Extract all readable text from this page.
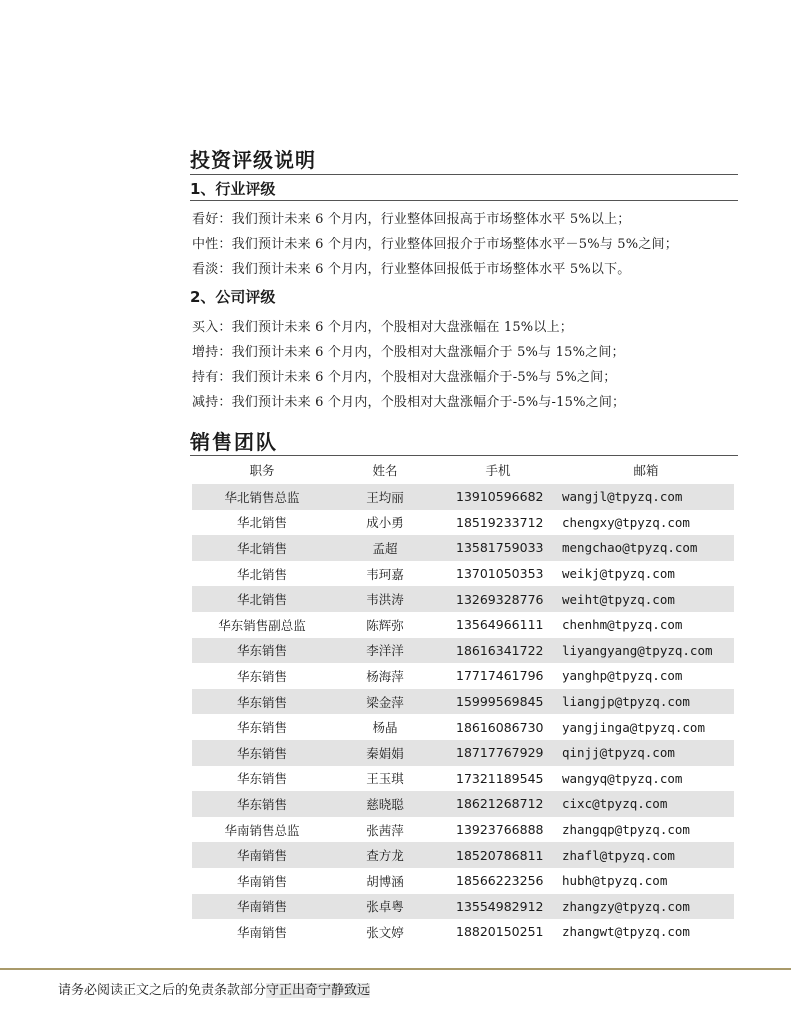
投资评级说明
1、行业评级
看好：我们预计未来 6 个月内，行业整体回报高于市场整体水平 5%以上；
中性：我们预计未来 6 个月内，行业整体回报介于市场整体水平－5%与 5%之间；
看淡：我们预计未来 6 个月内，行业整体回报低于市场整体水平 5%以下。
2、公司评级
买入：我们预计未来 6 个月内，个股相对大盘涨幅在 15%以上；
增持：我们预计未来 6 个月内，个股相对大盘涨幅介于 5%与 15%之间；
持有：我们预计未来 6 个月内，个股相对大盘涨幅介于-5%与 5%之间；
减持：我们预计未来 6 个月内，个股相对大盘涨幅介于-5%与-15%之间；
销售团队
职务	姓名	手机	邮箱
华北销售总监	王均丽	13910596682	wangjl@tpyzq.com
华北销售	成小勇	18519233712	chengxy@tpyzq.com
华北销售	孟超	13581759033	mengchao@tpyzq.com
华北销售	韦珂嘉	13701050353	weikj@tpyzq.com
华北销售	韦洪涛	13269328776	weiht@tpyzq.com
华东销售副总监	陈辉弥	13564966111	chenhm@tpyzq.com
华东销售	李洋洋	18616341722	liyangyang@tpyzq.com
华东销售	杨海萍	17717461796	yanghp@tpyzq.com
华东销售	梁金萍	15999569845	liangjp@tpyzq.com
华东销售	杨晶	18616086730	yangjinga@tpyzq.com
华东销售	秦娟娟	18717767929	qinjj@tpyzq.com
华东销售	王玉琪	17321189545	wangyq@tpyzq.com
华东销售	慈晓聪	18621268712	cixc@tpyzq.com
华南销售总监	张茜萍	13923766888	zhangqp@tpyzq.com
华南销售	查方龙	18520786811	zhafl@tpyzq.com
华南销售	胡博涵	18566223256	hubh@tpyzq.com
华南销售	张卓粤	13554982912	zhangzy@tpyzq.com
华南销售	张文婷	18820150251	zhangwt@tpyzq.com
请务必阅读正文之后的免责条款部分守正出奇宁静致远
